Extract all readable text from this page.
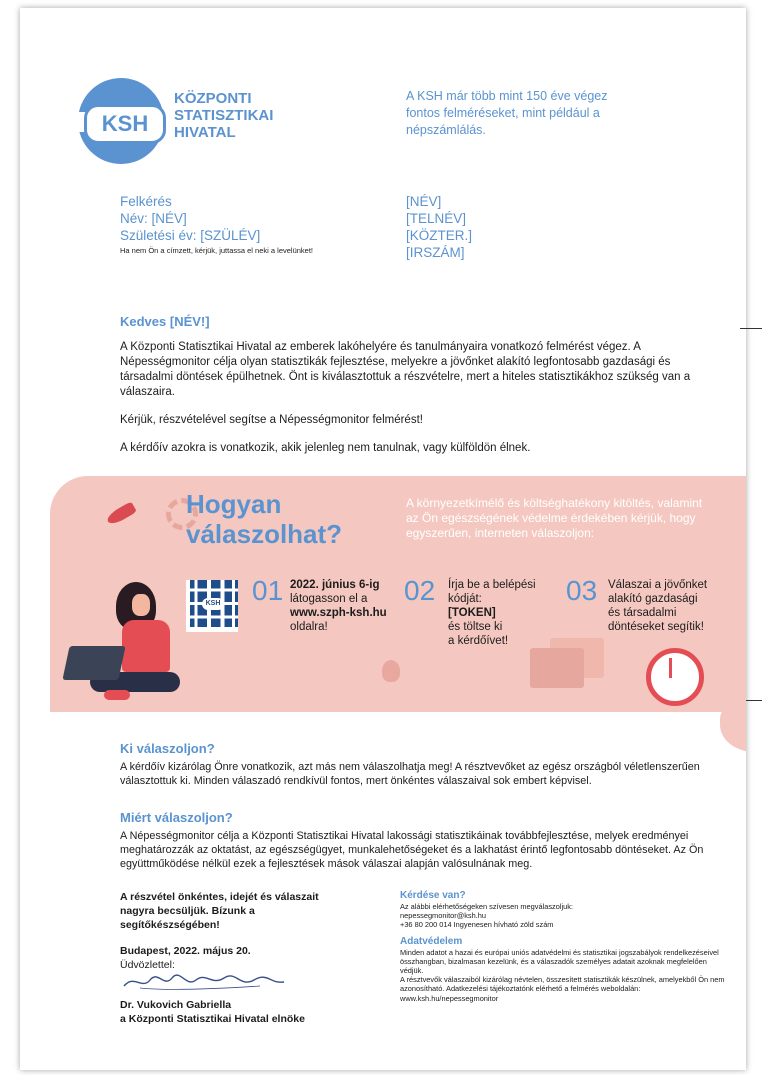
KSH
KÖZPONTI
STATISZTIKAI
HIVATAL
A KSH már több mint 150 éve végez fontos felméréseket, mint például a népszámlálás.
Felkérés
Név: [NÉV]
Születési év: [SZÜLÉV]
Ha nem Ön a címzett, kérjük, juttassa el neki a levelünket!
[NÉV]
[TELNÉV]
[KÖZTER.]
[IRSZÁM]
Kedves [NÉV!]

A Központi Statisztikai Hivatal az emberek lakóhelyére és tanulmányaira vonatkozó felmérést végez. A Népességmonitor célja olyan statisztikák fejlesztése, melyekre a jövőnket alakító legfontosabb gazdasági és társadalmi döntések épülhetnek. Önt is kiválasztottuk a részvételre, mert a hiteles statisztikákhoz szükség van a válaszaira.

Kérjük, részvételével segítse a Népességmonitor felmérést!

A kérdőív azokra is vonatkozik, akik jelenleg nem tanulnak, vagy külföldön élnek.

Hogyan
válaszolhat?
A környezetkímélő és költséghatékony kitöltés, valamint az Ön egészségének védelme érdekében kérjük, hogy egyszerűen, interneten válaszoljon:
KSH 01 2022. június 6-ig
látogasson el a
www.szph-ksh.hu
oldalra!
02 Írja be a belépési
kódját:
[TOKEN]
és töltse ki
a kérdőívet!
03 Válaszai a jövőnket
alakító gazdasági
és társadalmi
döntéseket segítik!
Ki válaszoljon?
A kérdőív kizárólag Önre vonatkozik, azt más nem válaszolhatja meg! A résztvevőket az egész országból véletlenszerűen választottuk ki. Minden válaszadó rendkívül fontos, mert önkéntes válaszaival sok embert képvisel.
Miért válaszoljon?
A Népességmonitor célja a Központi Statisztikai Hivatal lakossági statisztikáinak továbbfejlesztése, melyek eredményei meghatározzák az oktatást, az egészségügyet, munkalehetőségeket és a lakhatást érintő legfontosabb döntéseket. Az Ön együttműködése nélkül ezek a fejlesztések mások válaszai alapján valósulnának meg.
A részvétel önkéntes, idejét és válaszait nagyra becsüljük. Bízunk a segítőkészségében!
Budapest, 2022. május 20.
Üdvözlettel:
Dr. Vukovich Gabriella
a Központi Statisztikai Hivatal elnöke
Kérdése van?
Az alábbi elérhetőségeken szívesen megválaszoljuk:
nepessegmonitor@ksh.hu
+36 80 200 014 Ingyenesen hívható zöld szám
Adatvédelem
Minden adatot a hazai és európai uniós adatvédelmi és statisztikai jogszabályok rendelkezéseivel összhangban, bizalmasan kezelünk, és a válaszadók személyes adatait azoknak megfelelően védjük.
A résztvevők válaszaiból kizárólag névtelen, összesített statisztikák készülnek, amelyekből Ön nem azonosítható. Adatkezelési tájékoztatónk elérhető a felmérés weboldalán: www.ksh.hu/nepessegmonitor
